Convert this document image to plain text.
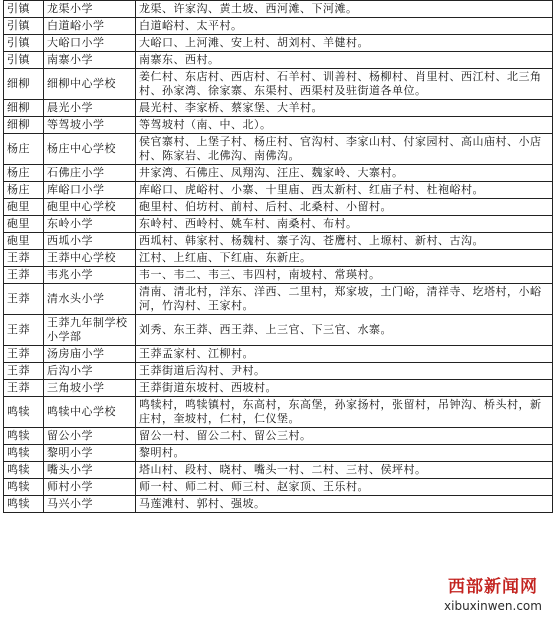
引镇	龙渠小学	龙渠、许家沟、黄土坡、西河滩、下河滩。
引镇	白道峪小学	白道峪村、太平村。
引镇	大峪口小学	大峪口、上河滩、安上村、胡刘村、羊健村。
引镇	南寨小学	南寨东、西村。
细柳	细柳中心学校	姜仁村、东店村、西店村、石羊村、训善村、杨柳村、肖里村、西江村、北三角村、孙家湾、徐家寨、东渠村、西渠村及驻街道各单位。
细柳	晨光小学	晨光村、李家桥、蔡家堡、大羊村。
细柳	等驾坡小学	等驾坡村（南、中、北）。
杨庄	杨庄中心学校	侯官寨村、上堡子村、杨庄村、官沟村、李家山村、付家园村、高山庙村、小店村、陈家岩、北佛沟、南佛沟。
杨庄	石佛庄小学	井家湾、石佛庄、凤翔沟、汪庄、魏家岭、大寨村。
杨庄	库峪口小学	库峪口、虎峪村、小寨、十里庙、西太新村、红庙子村、杜袍峪村。
砲里	砲里中心学校	砲里村、伯坊村、前村、后村、北桑村、小留村。
砲里	东岭小学	东岭村、西岭村、姚车村、南桑村、布村。
砲里	西坬小学	西坬村、韩家村、杨魏村、寨子沟、苍鹰村、上塬村、新村、古沟。
王莽	王莽中心学校	江村、上红庙、下红庙、东新庄。
王莽	韦兆小学	韦一、韦二、韦三、韦四村，南坡村、常瑛村。
王莽	清水头小学	清南、清北村，洋东、洋西、二里村，郑家坡，土门峪，清祥寺、圪塔村，小峪河，竹沟村、王家村。
王莽	王莽九年制学校小学部	刘秀、东王莽、西王莽、上三官、下三官、水寨。
王莽	汤房庙小学	王莽孟家村、江柳村。
王莽	后沟小学	王莽街道后沟村、尹村。
王莽	三角坡小学	王莽街道东坡村、西坡村。
鸣犊	鸣犊中心学校	鸣犊村，鸣犊镇村，东高村，东高堡，孙家扬村，张留村，吊钟沟、桥头村，新庄村，奎坡村，仁村，仁仪堡。
鸣犊	留公小学	留公一村、留公二村、留公三村。
鸣犊	黎明小学	黎明村。
鸣犊	嘴头小学	塔山村、段村、晓村、嘴头一村、二村、三村、侯坪村。
鸣犊	师村小学	师一村、师二村、师三村、赵家顶、王乐村。
鸣犊	马兴小学	马莲滩村、郭村、强坡。
西部新闻网
xibuxinwen.com
